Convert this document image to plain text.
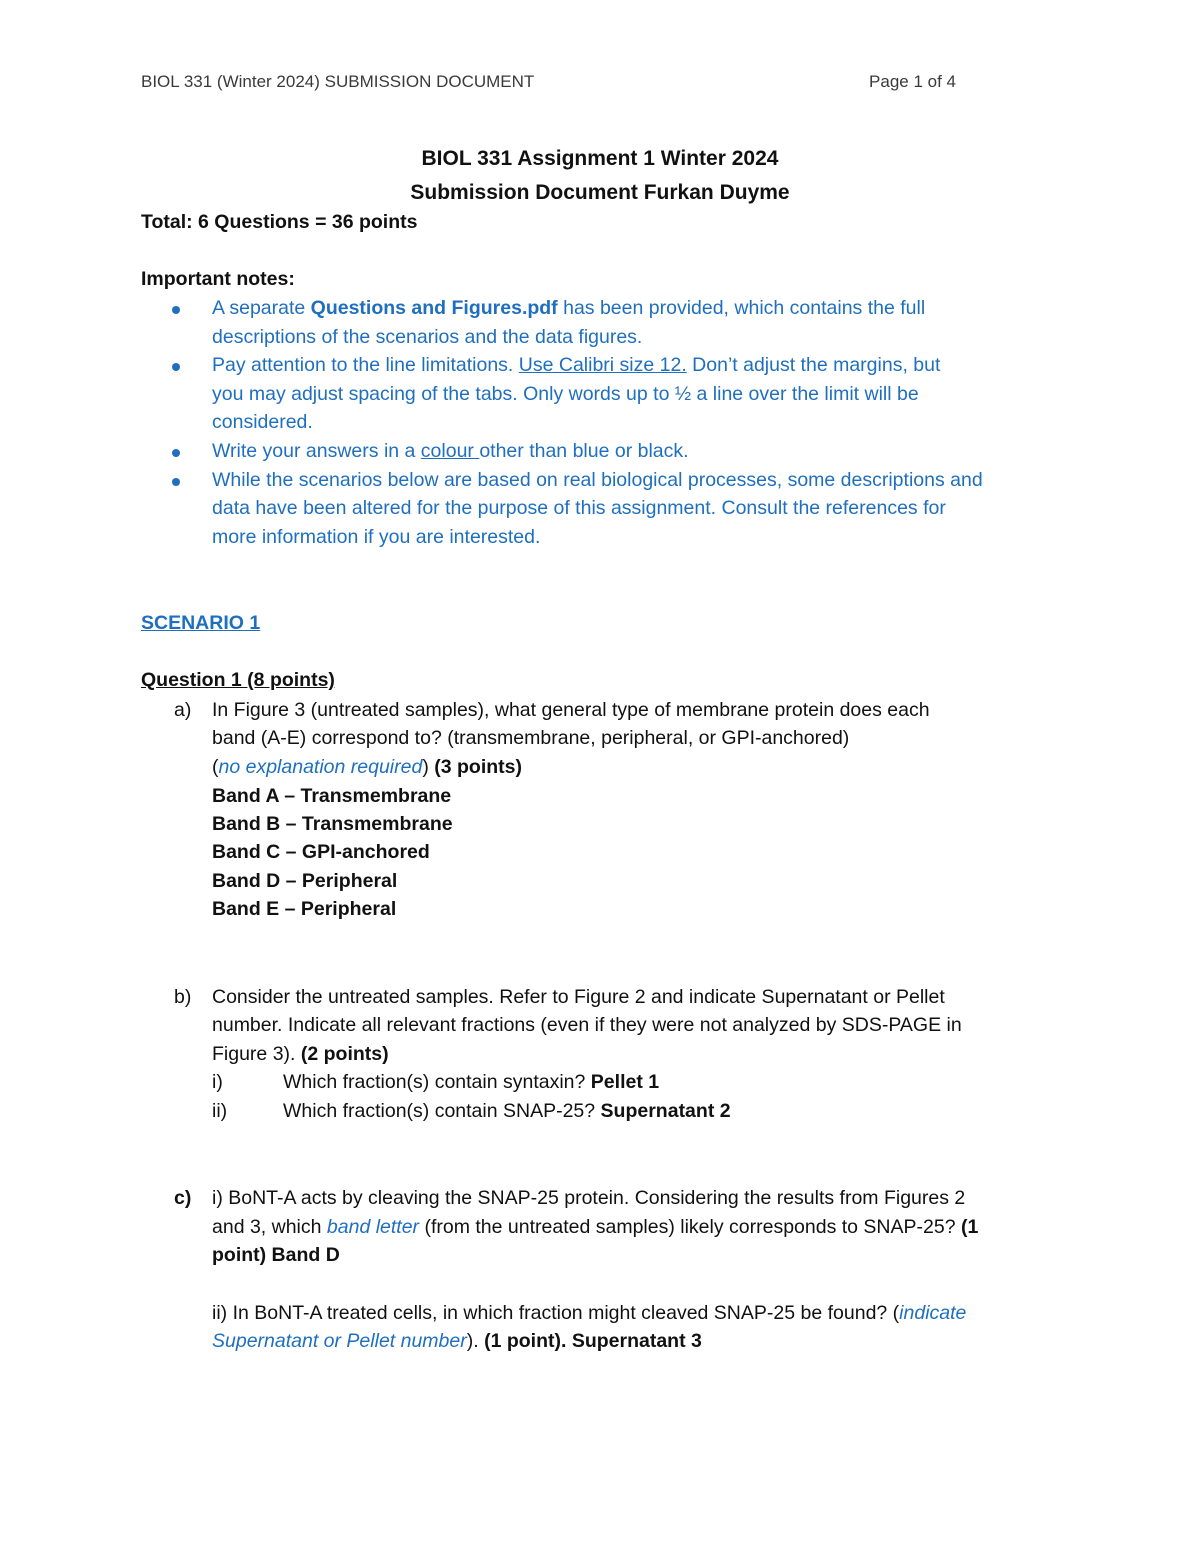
BIOL 331 (Winter 2024) SUBMISSION DOCUMENT	Page 1 of 4
BIOL 331 Assignment 1 Winter 2024
Submission Document Furkan Duyme
Total: 6 Questions = 36 points
Important notes:
A separate Questions and Figures.pdf has been provided, which contains the full
descriptions of the scenarios and the data figures.
Pay attention to the line limitations. Use Calibri size 12. Don’t adjust the margins, but
you may adjust spacing of the tabs. Only words up to ½ a line over the limit will be
considered.
Write your answers in a colour other than blue or black.
While the scenarios below are based on real biological processes, some descriptions and
data have been altered for the purpose of this assignment. Consult the references for
more information if you are interested.
SCENARIO 1
Question 1 (8 points)
a) In Figure 3 (untreated samples), what general type of membrane protein does each
band (A-E) correspond to? (transmembrane, peripheral, or GPI-anchored)
(no explanation required) (3 points)
Band A – Transmembrane
Band B – Transmembrane
Band C – GPI-anchored
Band D – Peripheral
Band E – Peripheral
b) Consider the untreated samples. Refer to Figure 2 and indicate Supernatant or Pellet
number. Indicate all relevant fractions (even if they were not analyzed by SDS-PAGE in
Figure 3). (2 points)
i)	Which fraction(s) contain syntaxin? Pellet 1
ii)	Which fraction(s) contain SNAP-25? Supernatant 2
c) i) BoNT-A acts by cleaving the SNAP-25 protein. Considering the results from Figures 2
and 3, which band letter (from the untreated samples) likely corresponds to SNAP-25? (1
point) Band D
ii) In BoNT-A treated cells, in which fraction might cleaved SNAP-25 be found? (indicate
Supernatant or Pellet number). (1 point). Supernatant 3
